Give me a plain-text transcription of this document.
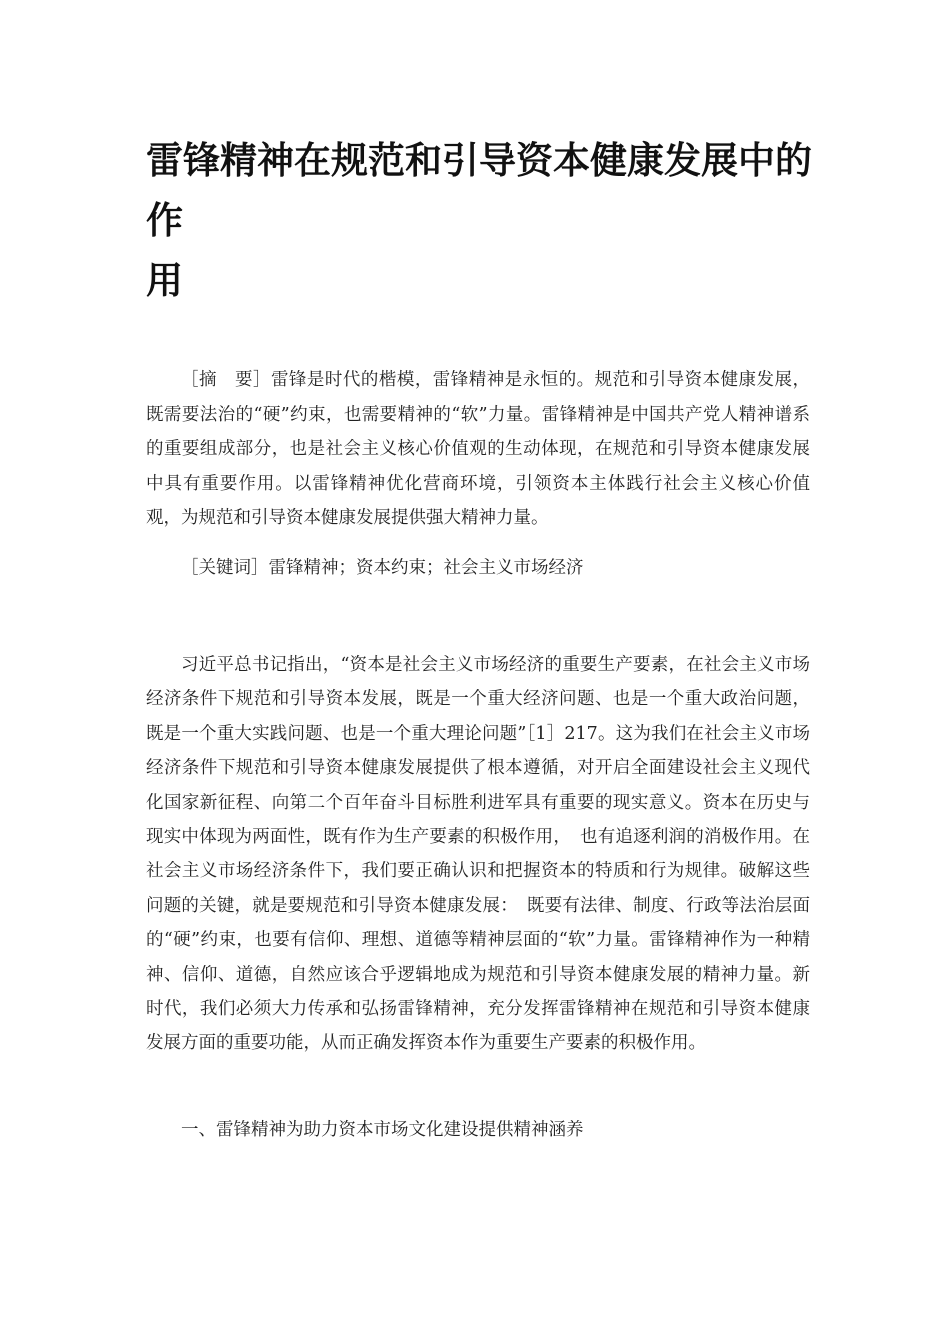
雷锋精神在规范和引导资本健康发展中的
作
用

［摘　要］雷锋是时代的楷模，雷锋精神是永恒的。规范和引导资本健康发展，既需要法治的“硬”约束，也需要精神的“软”力量。雷锋精神是中国共产党人精神谱系的重要组成部分，也是社会主义核心价值观的生动体现，在规范和引导资本健康发展中具有重要作用。以雷锋精神优化营商环境，引领资本主体践行社会主义核心价值观，为规范和引导资本健康发展提供强大精神力量。

［关键词］雷锋精神；资本约束；社会主义市场经济

习近平总书记指出，“资本是社会主义市场经济的重要生产要素，在社会主义市场经济条件下规范和引导资本发展，既是一个重大经济问题、也是一个重大政治问题，既是一个重大实践问题、也是一个重大理论问题”［1］217。这为我们在社会主义市场经济条件下规范和引导资本健康发展提供了根本遵循，对开启全面建设社会主义现代化国家新征程、向第二个百年奋斗目标胜利进军具有重要的现实意义。资本在历史与现实中体现为两面性，既有作为生产要素的积极作用，　也有追逐利润的消极作用。在社会主义市场经济条件下，我们要正确认识和把握资本的特质和行为规律。破解这些问题的关键，就是要规范和引导资本健康发展：　既要有法律、制度、行政等法治层面的“硬”约束，也要有信仰、理想、道德等精神层面的“软”力量。雷锋精神作为一种精神、信仰、道德，自然应该合乎逻辑地成为规范和引导资本健康发展的精神力量。新时代，我们必须大力传承和弘扬雷锋精神，充分发挥雷锋精神在规范和引导资本健康发展方面的重要功能，从而正确发挥资本作为重要生产要素的积极作用。

一、雷锋精神为助力资本市场文化建设提供精神涵养
